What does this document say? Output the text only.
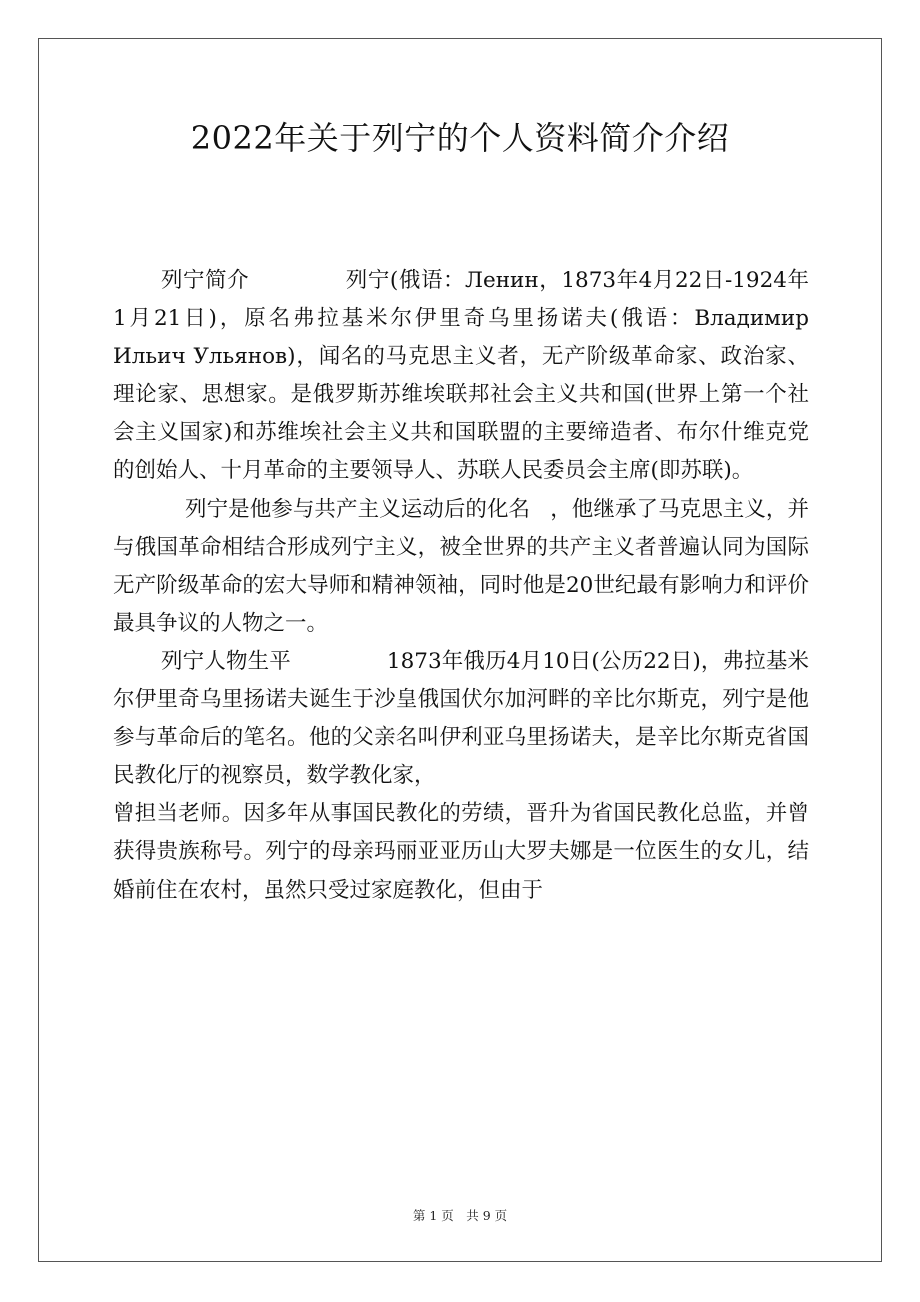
2022年关于列宁的个人资料简介介绍

列宁简介	列宁(俄语：Ленин，1873年4月22日-1924年1月21日)，原名弗拉基米尔伊里奇乌里扬诺夫(俄语：Владимир Ильич Ульянов)，闻名的马克思主义者，无产阶级革命家、政治家、理论家、思想家。是俄罗斯苏维埃联邦社会主义共和国(世界上第一个社会主义国家)和苏维埃社会主义共和国联盟的主要缔造者、布尔什维克党的创始人、十月革命的主要领导人、苏联人民委员会主席(即苏联)。

列宁是他参与共产主义运动后的化名 ，他继承了马克思主义，并与俄国革命相结合形成列宁主义，被全世界的共产主义者普遍认同为国际无产阶级革命的宏大导师和精神领袖，同时他是20世纪最有影响力和评价最具争议的人物之一。

列宁人物生平	1873年俄历4月10日(公历22日)，弗拉基米尔伊里奇乌里扬诺夫诞生于沙皇俄国伏尔加河畔的辛比尔斯克，列宁是他参与革命后的笔名。他的父亲名叫伊利亚乌里扬诺夫，是辛比尔斯克省国民教化厅的视察员，数学教化家，

曾担当老师。因多年从事国民教化的劳绩，晋升为省国民教化总监，并曾获得贵族称号。列宁的母亲玛丽亚亚历山大罗夫娜是一位医生的女儿，结婚前住在农村，虽然只受过家庭教化，但由于

第 1 页　共 9 页
